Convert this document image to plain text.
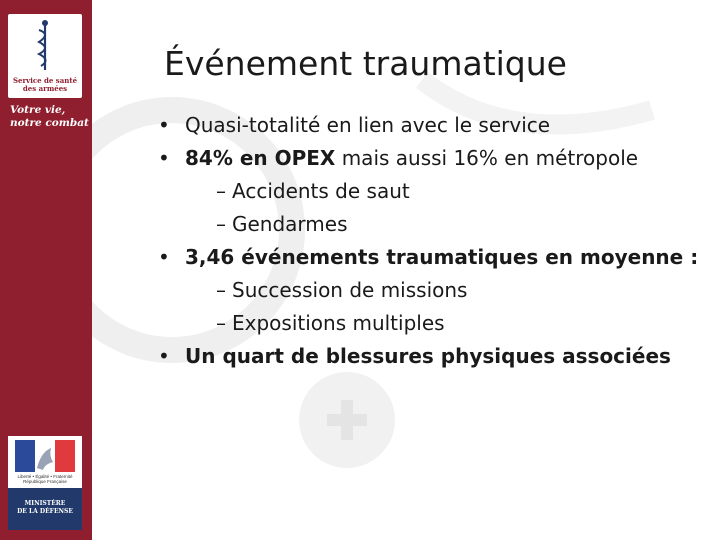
Service de santé
des armées
Votre vie,
notre combat
Liberté • Égalité • Fraternité
République Française
MINISTÈRE
DE LA DÉFENSE
Événement traumatique
• Quasi-totalité en lien avec le service
• 84% en OPEX mais aussi 16% en métropole
– Accidents de saut
– Gendarmes
• 3,46 événements traumatiques en moyenne :
– Succession de missions
– Expositions multiples
• Un quart de blessures physiques associées
